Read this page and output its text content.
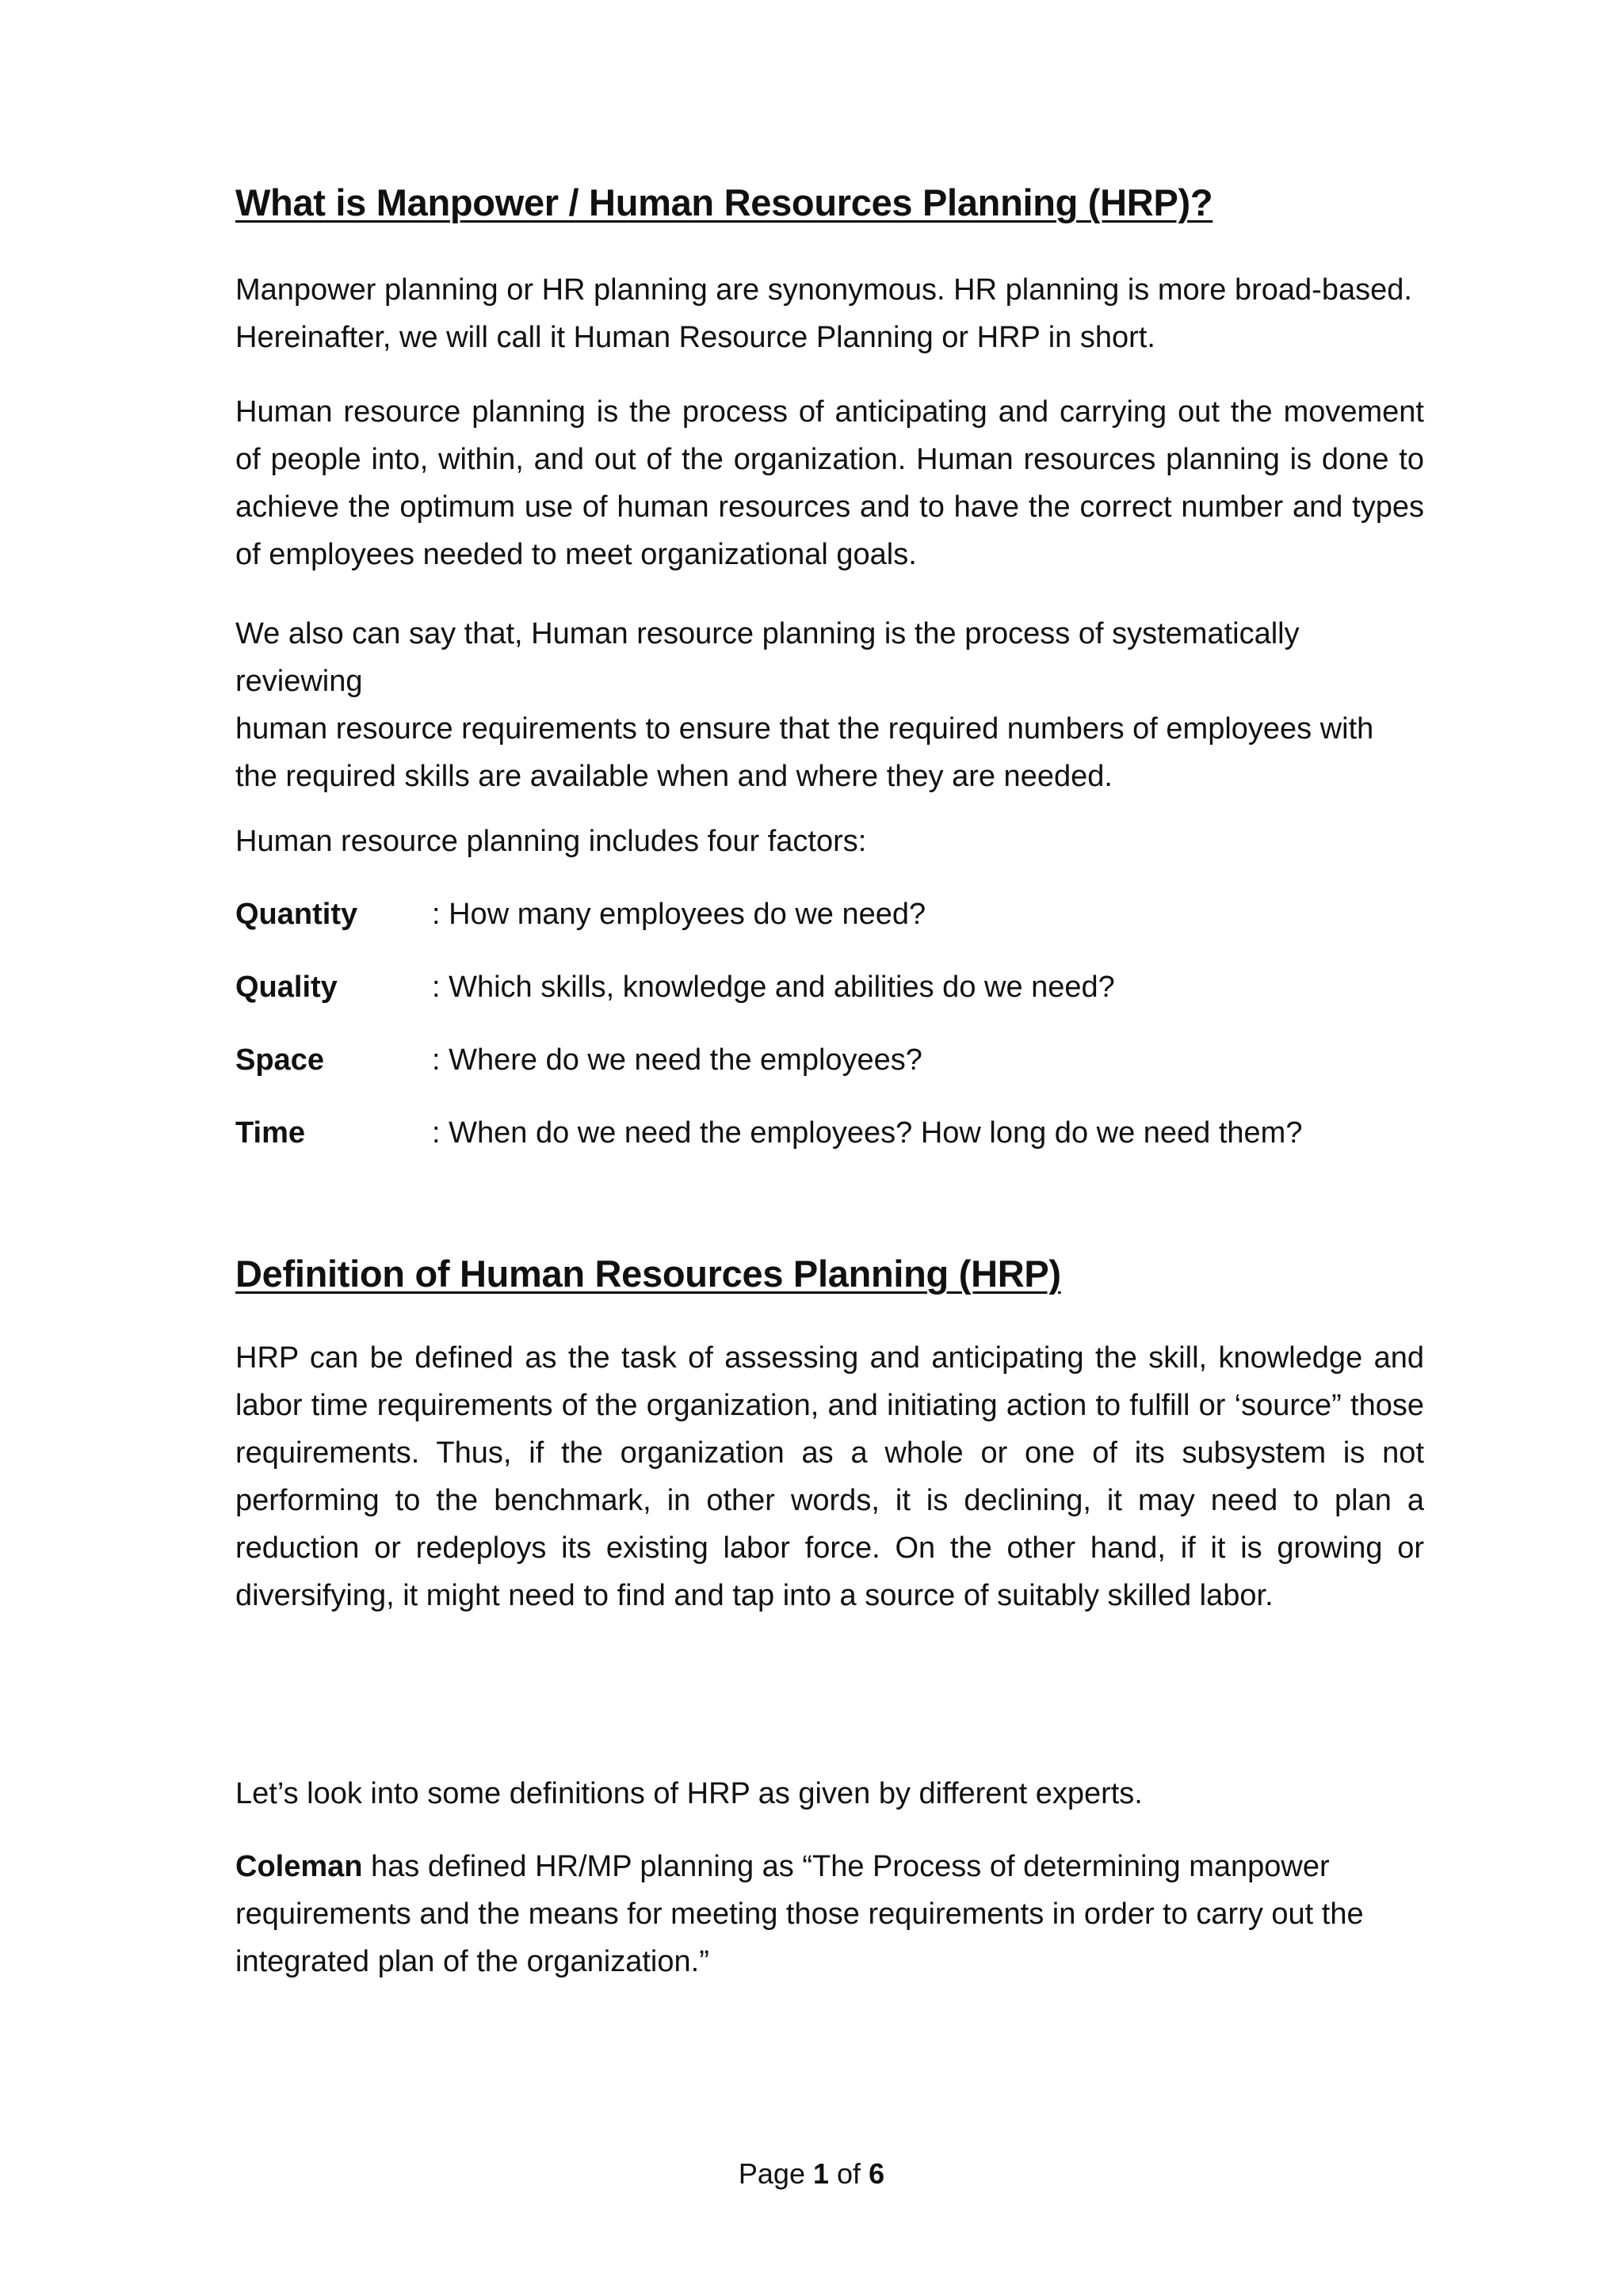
What is Manpower / Human Resources Planning (HRP)?

Manpower planning or HR planning are synonymous. HR planning is more broad-based.
Hereinafter, we will call it Human Resource Planning or HRP in short.

Human resource planning is the process of anticipating and carrying out the movement of people into, within, and out of the organization. Human resources planning is done to achieve the optimum use of human resources and to have the correct number and types of employees needed to meet organizational goals.

We also can say that, Human resource planning is the process of systematically reviewing
human resource requirements to ensure that the required numbers of employees with
the required skills are available when and where they are needed.

Human resource planning includes four factors:

Quantity : How many employees do we need?
Quality	: Which skills, knowledge and abilities do we need?
Space	: Where do we need the employees?
Time	: When do we need the employees? How long do we need them?
Definition of Human Resources Planning (HRP)

HRP can be defined as the task of assessing and anticipating the skill, knowledge and labor time requirements of the organization, and initiating action to fulfill or ‘source” those requirements. Thus, if the organization as a whole or one of its subsystem is not performing to the benchmark, in other words, it is declining, it may need to plan a reduction or redeploys its existing labor force. On the other hand, if it is growing or diversifying, it might need to find and tap into a source of suitably skilled labor.

Let’s look into some definitions of HRP as given by different experts.

Coleman has defined HR/MP planning as “The Process of determining manpower
requirements and the means for meeting those requirements in order to carry out the
integrated plan of the organization.”

Page 1 of 6
